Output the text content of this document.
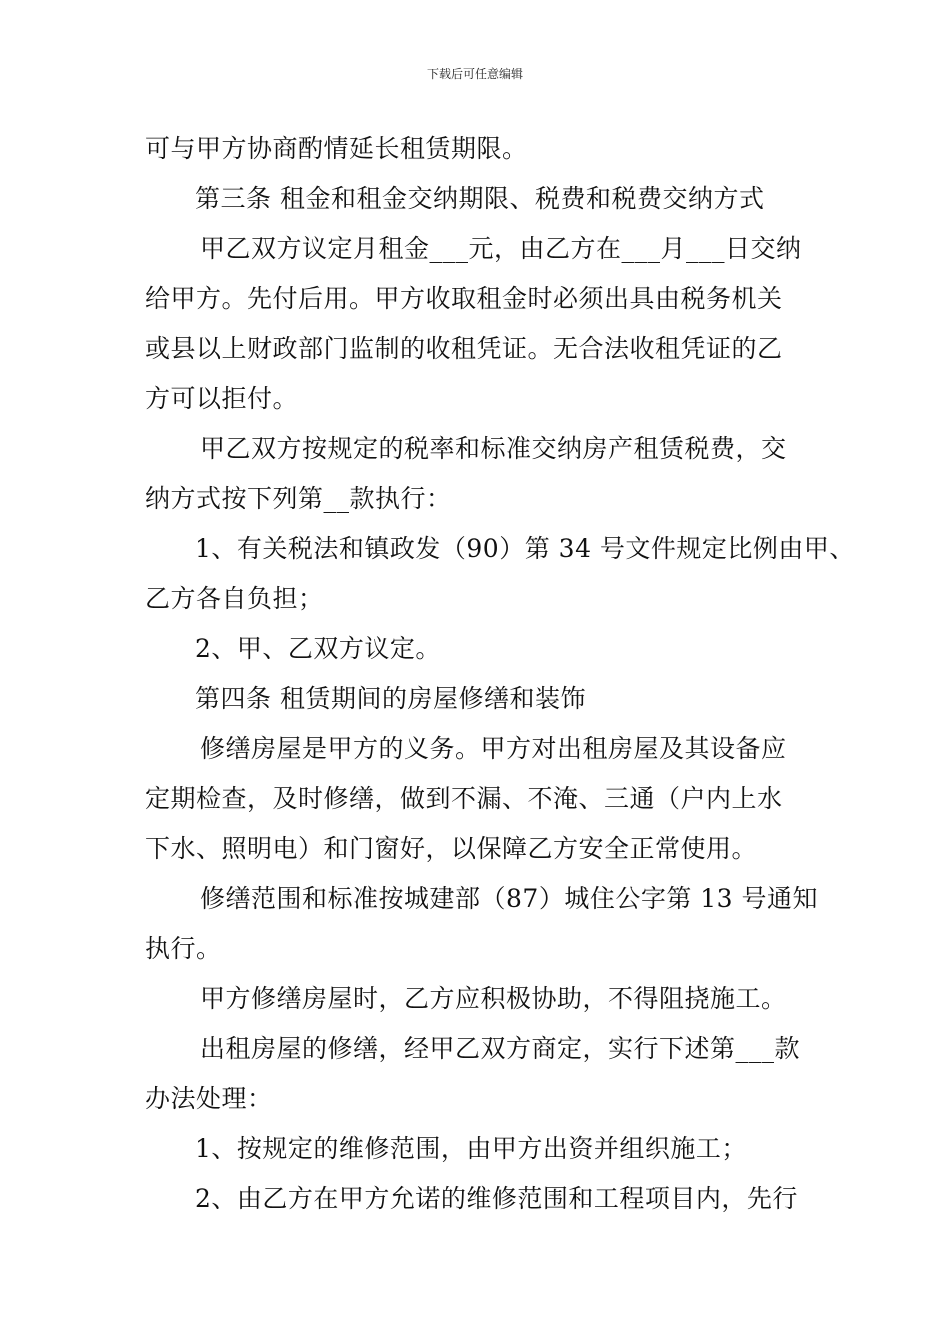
下载后可任意编辑
可与甲方协商酌情延长租赁期限。
第三条 租金和租金交纳期限、税费和税费交纳方式
甲乙双方议定月租金___元，由乙方在___月___日交纳
给甲方。先付后用。甲方收取租金时必须出具由税务机关
或县以上财政部门监制的收租凭证。无合法收租凭证的乙
方可以拒付。
甲乙双方按规定的税率和标准交纳房产租赁税费，交
纳方式按下列第__款执行：
1、有关税法和镇政发（90）第 34 号文件规定比例由甲、
乙方各自负担；
2、甲、乙双方议定。
第四条 租赁期间的房屋修缮和装饰
修缮房屋是甲方的义务。甲方对出租房屋及其设备应
定期检查，及时修缮，做到不漏、不淹、三通（户内上水
下水、照明电）和门窗好，以保障乙方安全正常使用。
修缮范围和标准按城建部（87）城住公字第 13 号通知
执行。
甲方修缮房屋时，乙方应积极协助，不得阻挠施工。
出租房屋的修缮，经甲乙双方商定，实行下述第___款
办法处理：
1、按规定的维修范围，由甲方出资并组织施工；
2、由乙方在甲方允诺的维修范围和工程项目内，先行
